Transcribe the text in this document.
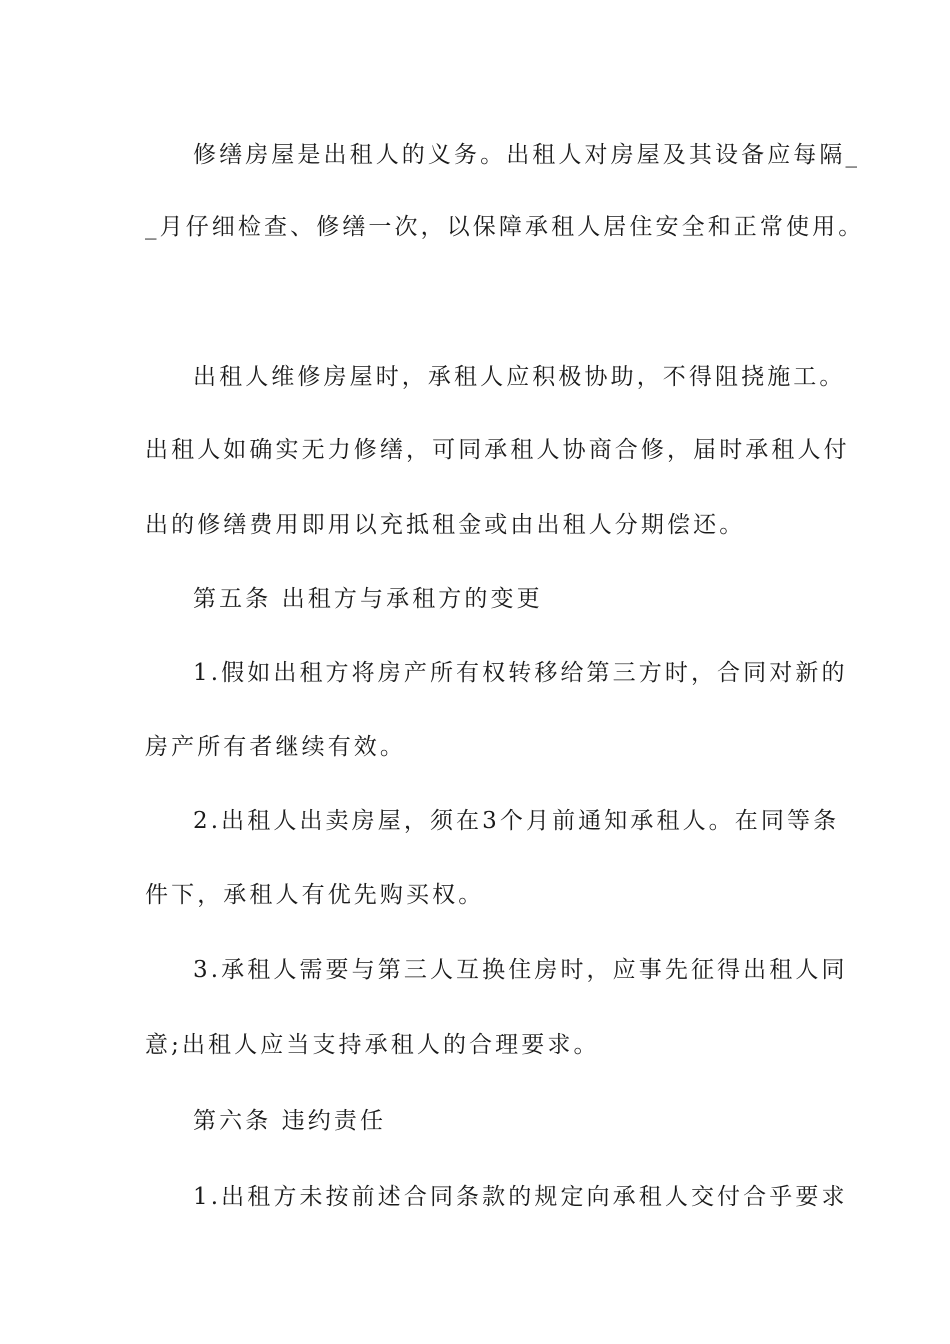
修缮房屋是出租人的义务。出租人对房屋及其设备应每隔_
_月仔细检查、修缮一次，以保障承租人居住安全和正常使用。
出租人维修房屋时，承租人应积极协助，不得阻挠施工。
出租人如确实无力修缮，可同承租人协商合修，届时承租人付
出的修缮费用即用以充抵租金或由出租人分期偿还。
第五条 出租方与承租方的变更
1.假如出租方将房产所有权转移给第三方时，合同对新的
房产所有者继续有效。
2.出租人出卖房屋，须在3个月前通知承租人。在同等条
件下，承租人有优先购买权。
3.承租人需要与第三人互换住房时，应事先征得出租人同
意;出租人应当支持承租人的合理要求。
第六条 违约责任
1.出租方未按前述合同条款的规定向承租人交付合乎要求
